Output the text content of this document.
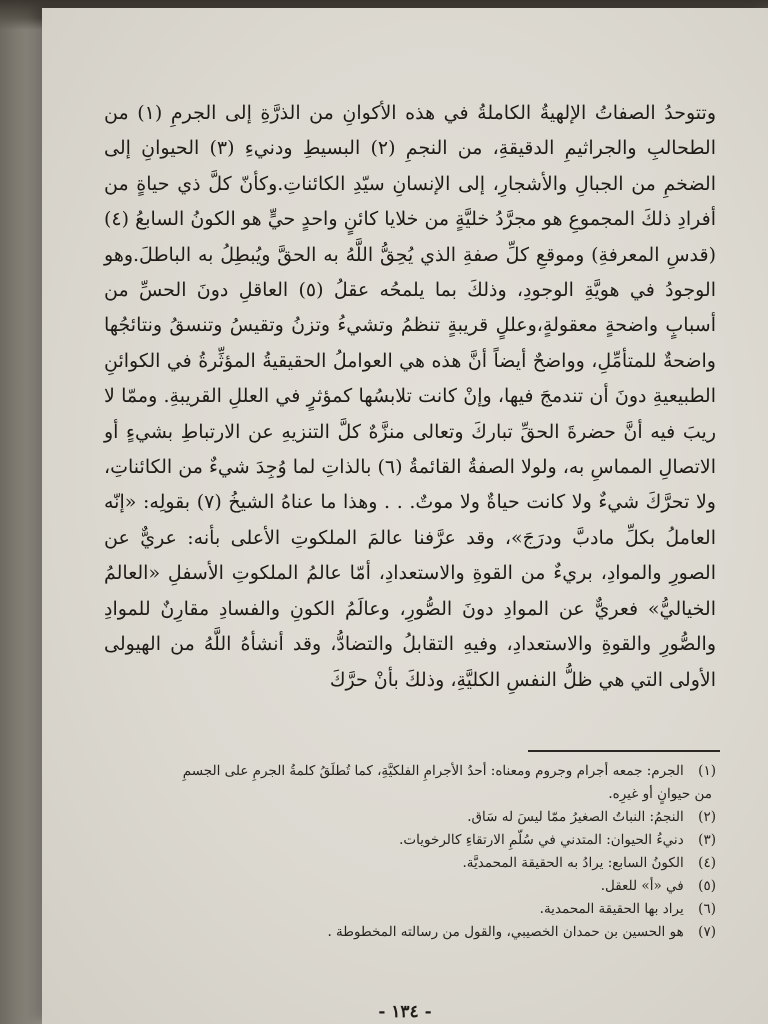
وتتوحدُ الصفاتُ الإلهيةُ الكاملةُ في هذه الأكوانِ من الذرَّةِ إلى الجرمِ (١) من الطحالبِ والجراثيمِ الدقيقةِ، من النجمِ (٢) البسيطِ ودنيءِ (٣) الحيوانِ إلى الضخمِ من الجبالِ والأشجارِ، إلى الإنسانِ سيّدِ الكائناتِ.وكأنّ كلَّ ذي حياةٍ من أفرادِ ذلكَ المجموعِ هو مجرَّدُ خليَّةٍ من خلايا كائنٍ واحدٍ حيٍّ هو الكونُ السابعُ (٤) (قدسِ المعرفةِ) وموقعِ كلِّ صفةِ الذي يُحِقُّ اللَّهُ به الحقَّ ويُبطِلُ به الباطلَ.وهو الوجودُ في هويَّةِ الوجودِ، وذلكَ بما يلمحُه عقلُ (٥) العاقلِ دونَ الحسِّ من أسبابٍ واضحةٍ معقولةٍ،وعللٍ قريبةٍ تنظمُ وتشيءُ وتزنُ وتقيسُ وتنسقُ ونتائجُها واضحةٌ للمتأمِّلِ، وواضحٌ أيضاً أنَّ هذه هي العواملُ الحقيقيةُ المؤثِّرةُ في الكوائنِ الطبيعيةِ دونَ أن تندمجَ فيها، وإنْ كانت تلابسُها كمؤثرٍ في العللِ القريبةِ. وممّا لا ريبَ فيه أنَّ حضرةَ الحقِّ تباركَ وتعالى منزَّهٌ كلَّ التنزيهِ عن الارتباطِ بشيءٍ أو الاتصالِ المماسِ به، ولولا الصفةُ القائمةُ (٦) بالذاتِ لما وُجِدَ شيءٌ من الكائناتِ، ولا تحرَّكَ شيءٌ ولا كانت حياةٌ ولا موتٌ. . . وهذا ما عناهُ الشيخُ (٧) بقولِه: «إنّه العاملُ بكلِّ مادبَّ ودرَجَ»، وقد عرَّفنا عالمَ الملكوتِ الأعلى بأنه: عريٌّ عن الصورِ والموادِ، بريءٌ من القوةِ والاستعدادِ، أمّا عالمُ الملكوتِ الأسفلِ «العالمُ الخياليُّ» فعريٌّ عن الموادِ دونَ الصُّورِ، وعالَمُ الكونِ والفسادِ مقارِنٌ للموادِ والصُّورِ والقوةِ والاستعدادِ، وفيهِ التقابلُ والتضادُّ، وقد أنشأهُ اللَّهُ من الهيولى الأولى التي هي ظلُّ النفسِ الكليَّةِ، وذلكَ بأنْ حرَّكَ

(١) الجرم: جمعه أجرام وجروم ومعناه: أحدُ الأجرامِ الفلكيَّةِ، كما تُطلَقُ كلمةُ الجرمِ على الجسمِ

من حيوانٍ أو غيرِه.

(٢) النجمُ: النباتُ الصغيرُ ممّا ليسَ له سَاق.

(٣) دنيءُ الحيوان: المتدني في سُلّمِ الارتقاءِ كالرخويات.

(٤) الكونُ السابع: يرادُ به الحقيقة المحمديَّة.

(٥) في «أ» للعقل.

(٦) يراد بها الحقيقة المحمدية.

(٧) هو الحسين بن حمدان الخصيبي، والقول من رسالته المخطوطة .

- ١٣٤ -
